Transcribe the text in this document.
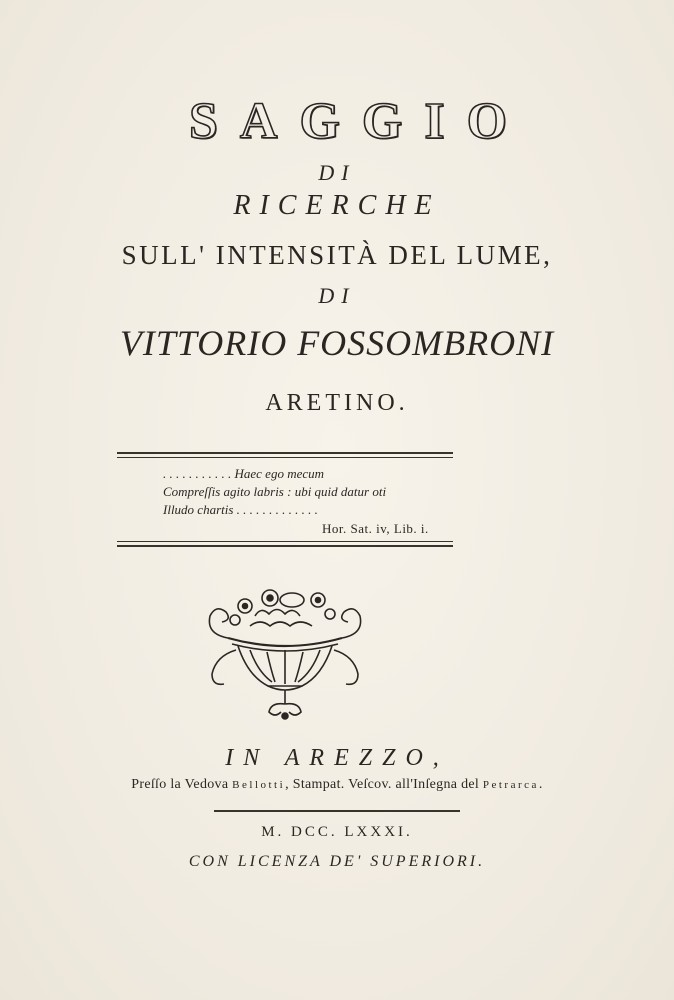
SAGGIO
DI
RICERCHE
SULL' INTENSITÀ DEL LUME,
DI
VITTORIO FOSSOMBRONI
ARETINO.
. . . . . . . . . . . Haec ego mecum
Compreſſis agito labris : ubi quid datur oti
Illudo chartis . . . . . . . . . . . . .
Hor. Sat. iv, Lib. i.
IN AREZZO,
Preſſo la Vedova Bellotti, Stampat. Veſcov. all'Inſegna del Petrarca.
M. DCC. LXXXI.
CON LICENZA DE' SUPERIORI.
